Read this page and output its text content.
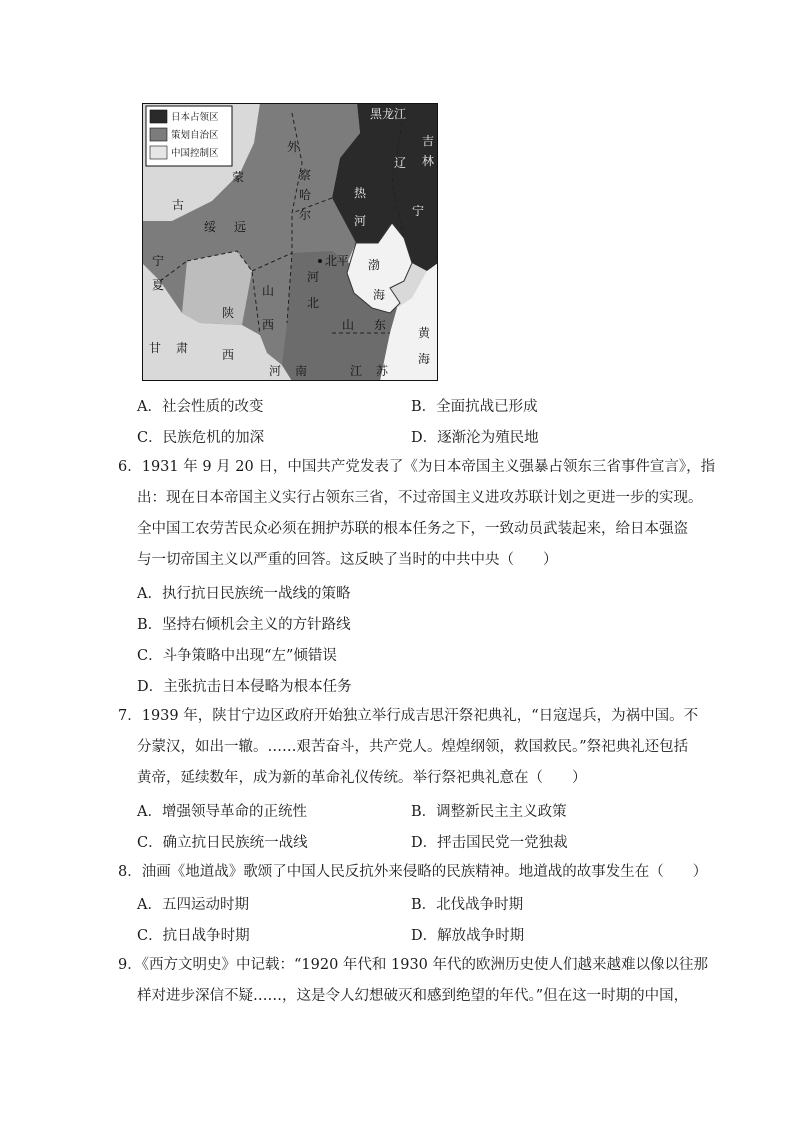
日本占领区
策划自治区
中国控制区
黑龙江
吉
林
辽
宁
外
蒙
古
察
哈
尔
热
河
绥 远
宁
夏
北平
河
北
渤
海
山
西
陕
西
山 东
甘 肃
河 南	江 苏
黄
海
A．社会性质的改变	B．全面抗战已形成
C．民族危机的加深	D．逐渐沦为殖民地
6．1931 年 9 月 20 日，中国共产党发表了《为日本帝国主义强暴占领东三省事件宣言》，指
出：现在日本帝国主义实行占领东三省，不过帝国主义进攻苏联计划之更进一步的实现。
全中国工农劳苦民众必须在拥护苏联的根本任务之下，一致动员武装起来，给日本强盗
与一切帝国主义以严重的回答。这反映了当时的中共中央（　　）
A．执行抗日民族统一战线的策略
B．坚持右倾机会主义的方针路线
C．斗争策略中出现“左”倾错误
D．主张抗击日本侵略为根本任务
7．1939 年，陕甘宁边区政府开始独立举行成吉思汗祭祀典礼，“日寇逞兵，为祸中国。不
分蒙汉，如出一辙。……艰苦奋斗，共产党人。煌煌纲领，救国救民。”祭祀典礼还包括
黄帝，延续数年，成为新的革命礼仪传统。举行祭祀典礼意在（　　）
A．增强领导革命的正统性	B．调整新民主主义政策
C．确立抗日民族统一战线	D．抨击国民党一党独裁
8．油画《地道战》歌颂了中国人民反抗外来侵略的民族精神。地道战的故事发生在（　　）
A．五四运动时期	B．北伐战争时期
C．抗日战争时期	D．解放战争时期
9．《西方文明史》中记载：“1920 年代和 1930 年代的欧洲历史使人们越来越难以像以往那
样对进步深信不疑……，这是令人幻想破灭和感到绝望的年代。”但在这一时期的中国，
